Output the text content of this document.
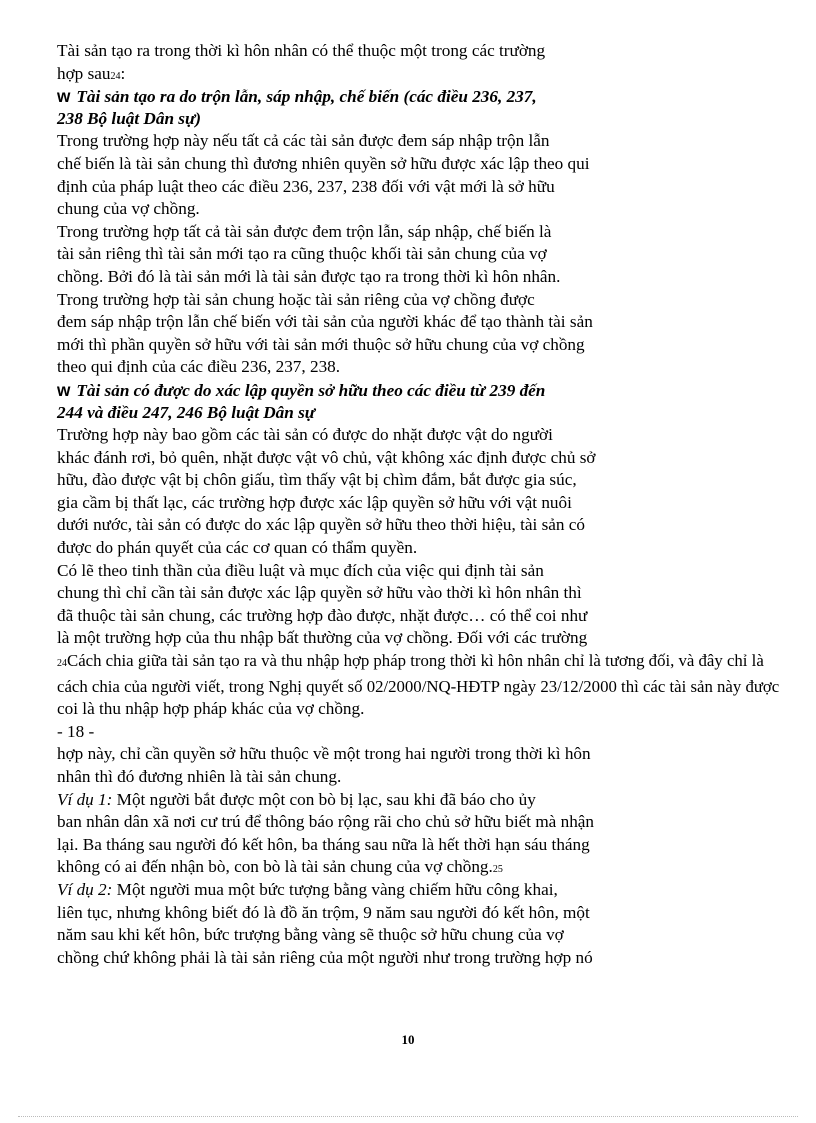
Tài sản tạo ra trong thời kì hôn nhân có thể thuộc một trong các trường
hợp sau24:
w Tài sản tạo ra do trộn lẫn, sáp nhập, chế biến (các điều 236, 237,
238 Bộ luật Dân sự)
Trong trường hợp này nếu tất cả các tài sản được đem sáp nhập trộn lẫn
chế biến là tài sản chung thì đương nhiên quyền sở hữu được xác lập theo qui
định của pháp luật theo các điều 236, 237, 238 đối với vật mới là sở hữu
chung của vợ chồng.
Trong trường hợp tất cả tài sản được đem trộn lẫn, sáp nhập, chế biến là
tài sản riêng thì tài sản mới tạo ra cũng thuộc khối tài sản chung của vợ
chồng. Bởi đó là tài sản mới là tài sản được tạo ra trong thời kì hôn nhân.
Trong trường hợp tài sản chung hoặc tài sản riêng của vợ chồng được
đem sáp nhập trộn lẫn chế biến với tài sản của người khác để tạo thành tài sản
mới thì phần quyền sở hữu với tài sản mới thuộc sở hữu chung của vợ chồng
theo qui định của các điều 236, 237, 238.
w Tài sản có được do xác lập quyền sở hữu theo các điều từ 239 đến
244 và điều 247, 246 Bộ luật Dân sự
Trường hợp này bao gồm các tài sản có được do nhặt được vật do người
khác đánh rơi, bỏ quên, nhặt được vật vô chủ, vật không xác định được chủ sở
hữu, đào được vật bị chôn giấu, tìm thấy vật bị chìm đắm, bắt được gia súc,
gia cầm bị thất lạc, các trường hợp được xác lập quyền sở hữu với vật nuôi
dưới nước, tài sản có được do xác lập quyền sở hữu theo thời hiệu, tài sản có
được do phán quyết của các cơ quan có thẩm quyền.
Có lẽ theo tinh thần của điều luật và mục đích của việc qui định tài sản
chung thì chỉ cần tài sản được xác lập quyền sở hữu vào thời kì hôn nhân thì
đã thuộc tài sản chung, các trường hợp đào được, nhặt được… có thể coi như
là một trường hợp của thu nhập bất thường của vợ chồng. Đối với các trường
24Cách chia giữa tài sản tạo ra và thu nhập hợp pháp trong thời kì hôn nhân chỉ là tương đối, và đây chỉ là
cách chia của người viết, trong Nghị quyết số 02/2000/NQ-HĐTP ngày 23/12/2000 thì các tài sản này được
coi là thu nhập hợp pháp khác của vợ chồng.
- 18 -
hợp này, chỉ cần quyền sở hữu thuộc về một trong hai người trong thời kì hôn
nhân thì đó đương nhiên là tài sản chung.
Ví dụ 1: Một người bắt được một con bò bị lạc, sau khi đã báo cho ủy
ban nhân dân xã nơi cư trú để thông báo rộng rãi cho chủ sở hữu biết mà nhận
lại. Ba tháng sau người đó kết hôn, ba tháng sau nữa là hết thời hạn sáu tháng
không có ai đến nhận bò, con bò là tài sản chung của vợ chồng.25
Ví dụ 2: Một người mua một bức tượng bằng vàng chiếm hữu công khai,
liên tục, nhưng không biết đó là đồ ăn trộm, 9 năm sau người đó kết hôn, một
năm sau khi kết hôn, bức trượng bằng vàng sẽ thuộc sở hữu chung của vợ
chồng chứ không phải là tài sản riêng của một người như trong trường hợp nó
10
